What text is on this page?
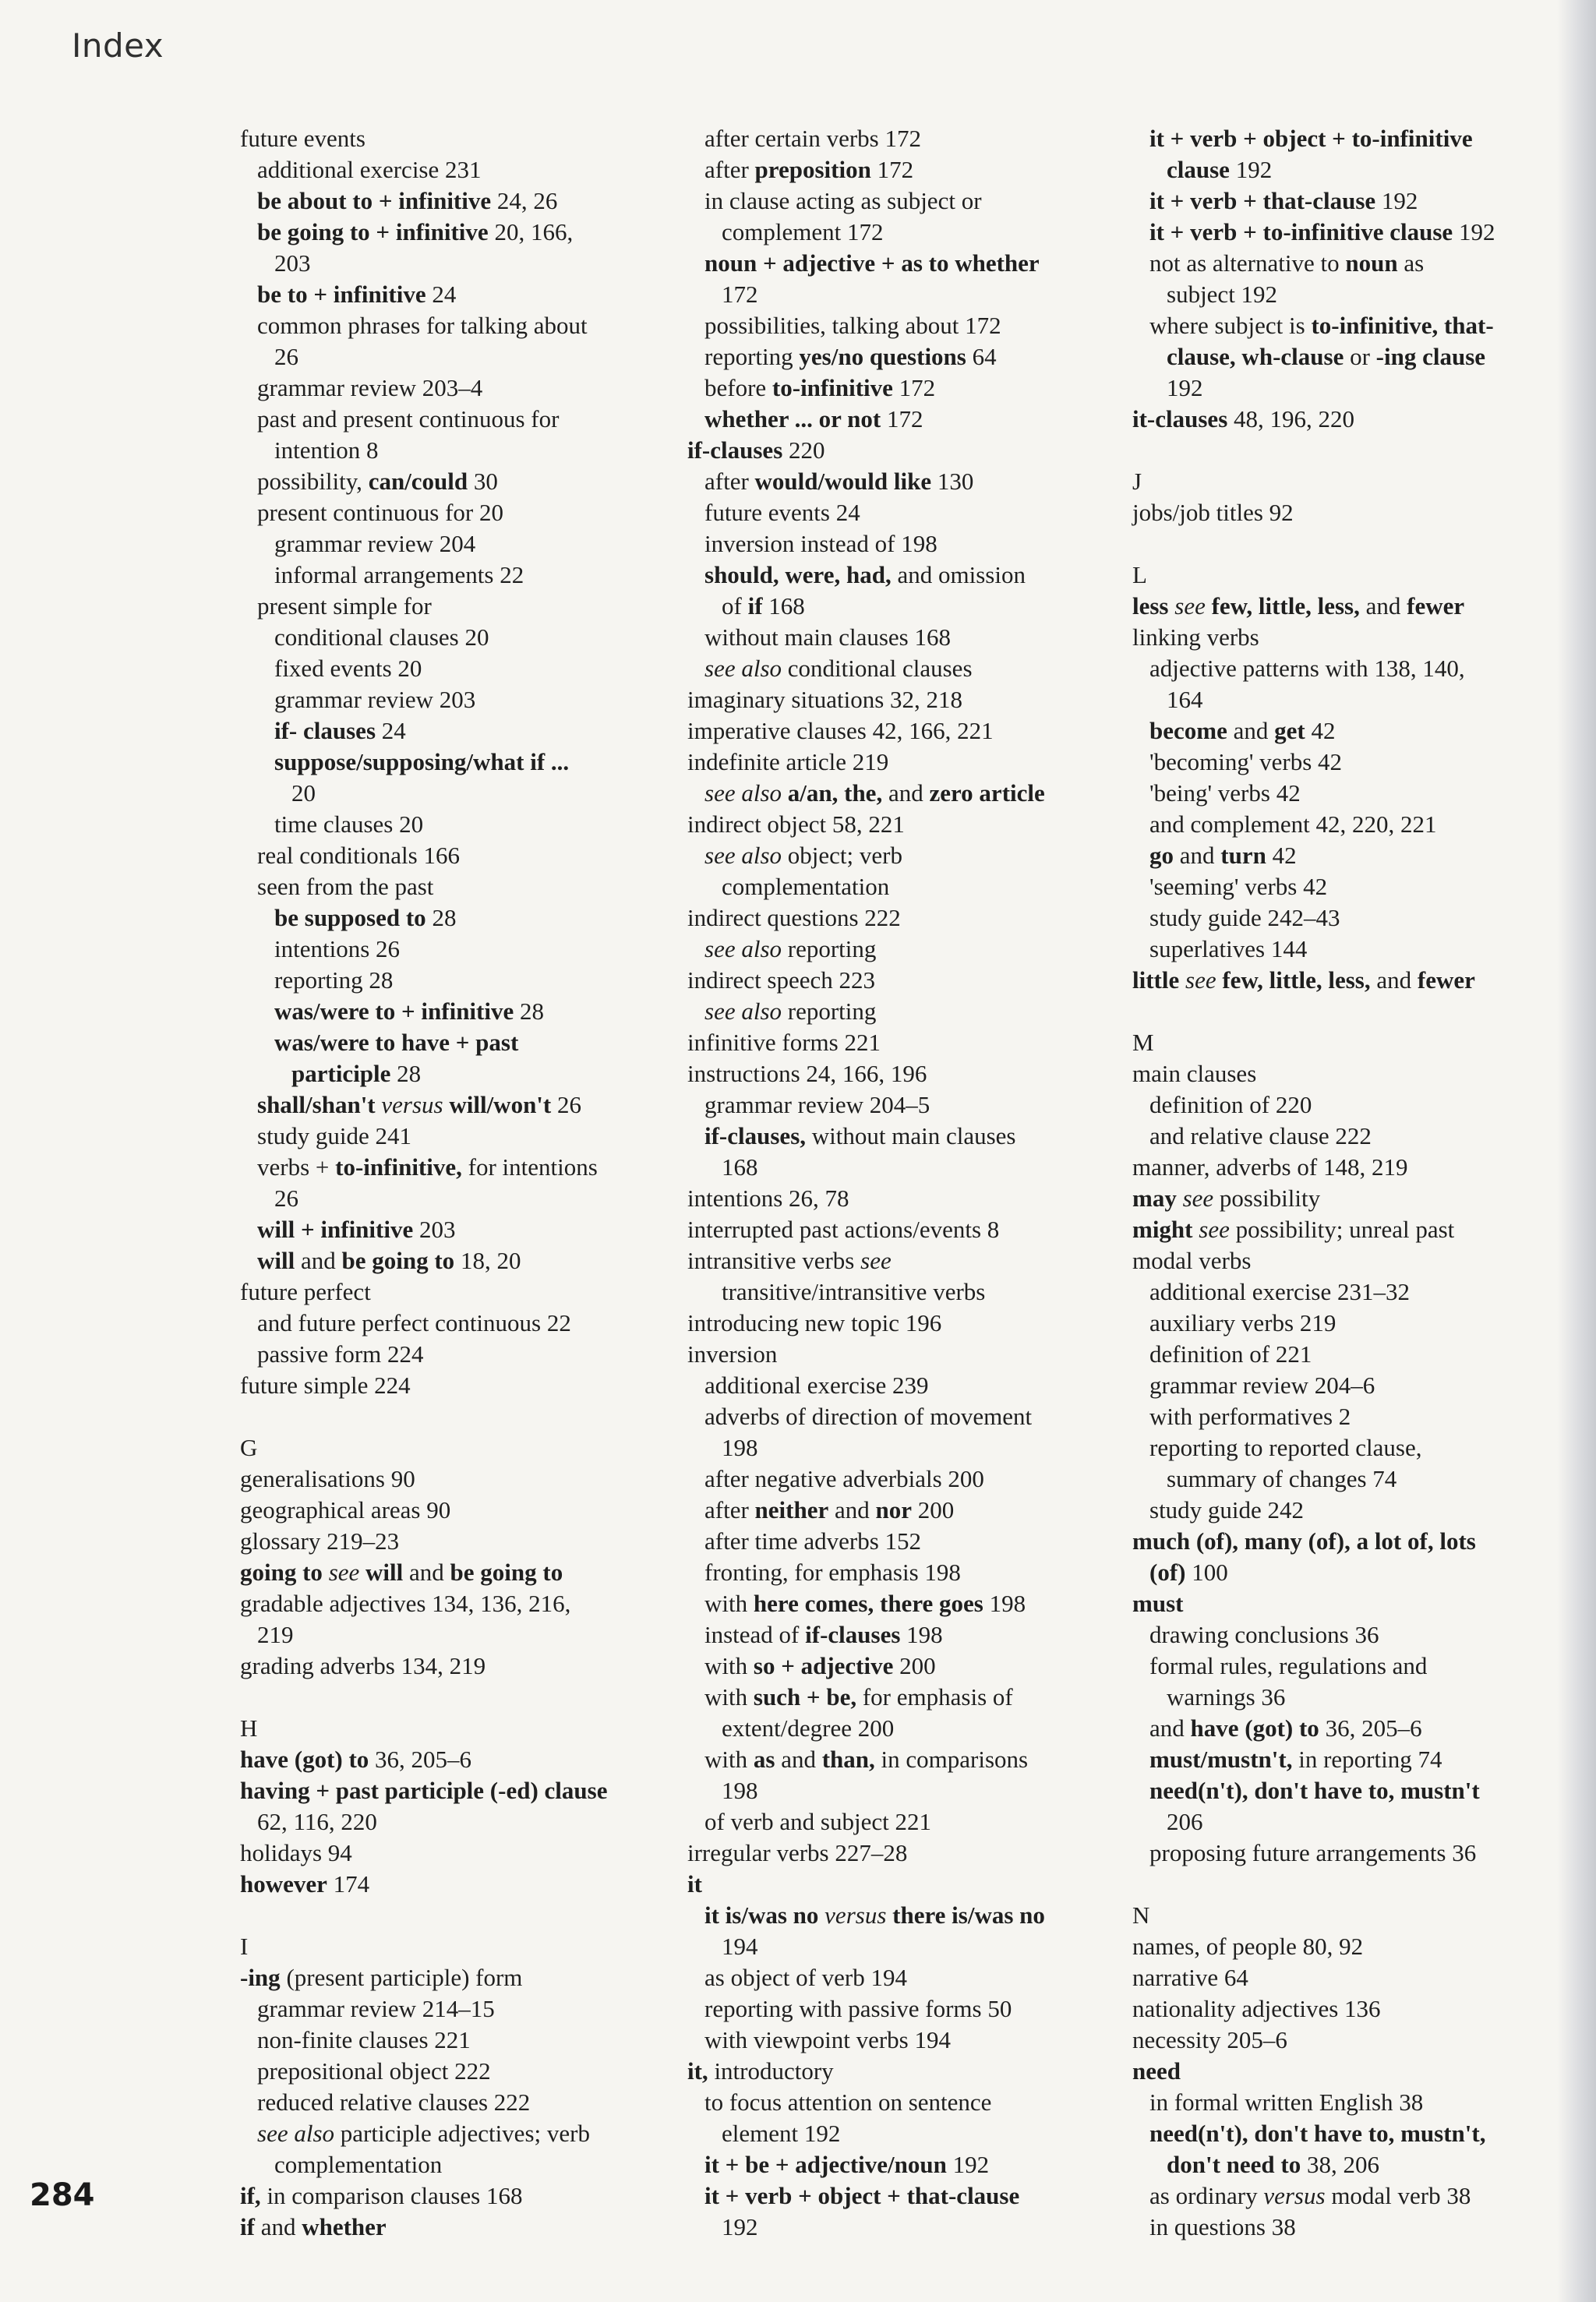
Index
future events
additional exercise 231
be about to + infinitive 24, 26
be going to + infinitive 20, 166,
203
be to + infinitive 24
common phrases for talking about
26
grammar review 203–4
past and present continuous for
intention 8
possibility, can/could 30
present continuous for 20
grammar review 204
informal arrangements 22
present simple for
conditional clauses 20
fixed events 20
grammar review 203
if- clauses 24
suppose/supposing/what if ...
20
time clauses 20
real conditionals 166
seen from the past
be supposed to 28
intentions 26
reporting 28
was/were to + infinitive 28
was/were to have + past
participle 28
shall/shan't versus will/won't 26
study guide 241
verbs + to-infinitive, for intentions
26
will + infinitive 203
will and be going to 18, 20
future perfect
and future perfect continuous 22
passive form 224
future simple 224
G
generalisations 90
geographical areas 90
glossary 219–23
going to see will and be going to
gradable adjectives 134, 136, 216,
219
grading adverbs 134, 219
H
have (got) to 36, 205–6
having + past participle (-ed) clause
62, 116, 220
holidays 94
however 174
I
-ing (present participle) form
grammar review 214–15
non-finite clauses 221
prepositional object 222
reduced relative clauses 222
see also participle adjectives; verb
complementation
if, in comparison clauses 168
if and whether
after certain verbs 172
after preposition 172
in clause acting as subject or
complement 172
noun + adjective + as to whether
172
possibilities, talking about 172
reporting yes/no questions 64
before to-infinitive 172
whether ... or not 172
if-clauses 220
after would/would like 130
future events 24
inversion instead of 198
should, were, had, and omission
of if 168
without main clauses 168
see also conditional clauses
imaginary situations 32, 218
imperative clauses 42, 166, 221
indefinite article 219
see also a/an, the, and zero article
indirect object 58, 221
see also object; verb
complementation
indirect questions 222
see also reporting
indirect speech 223
see also reporting
infinitive forms 221
instructions 24, 166, 196
grammar review 204–5
if-clauses, without main clauses
168
intentions 26, 78
interrupted past actions/events 8
intransitive verbs see
transitive/intransitive verbs
introducing new topic 196
inversion
additional exercise 239
adverbs of direction of movement
198
after negative adverbials 200
after neither and nor 200
after time adverbs 152
fronting, for emphasis 198
with here comes, there goes 198
instead of if-clauses 198
with so + adjective 200
with such + be, for emphasis of
extent/degree 200
with as and than, in comparisons
198
of verb and subject 221
irregular verbs 227–28
it
it is/was no versus there is/was no
194
as object of verb 194
reporting with passive forms 50
with viewpoint verbs 194
it, introductory
to focus attention on sentence
element 192
it + be + adjective/noun 192
it + verb + object + that-clause
192
it + verb + object + to-infinitive
clause 192
it + verb + that-clause 192
it + verb + to-infinitive clause 192
not as alternative to noun as
subject 192
where subject is to-infinitive, that-
clause, wh-clause or -ing clause
192
it-clauses 48, 196, 220
J
jobs/job titles 92
L
less see few, little, less, and fewer
linking verbs
adjective patterns with 138, 140,
164
become and get 42
'becoming' verbs 42
'being' verbs 42
and complement 42, 220, 221
go and turn 42
'seeming' verbs 42
study guide 242–43
superlatives 144
little see few, little, less, and fewer
M
main clauses
definition of 220
and relative clause 222
manner, adverbs of 148, 219
may see possibility
might see possibility; unreal past
modal verbs
additional exercise 231–32
auxiliary verbs 219
definition of 221
grammar review 204–6
with performatives 2
reporting to reported clause,
summary of changes 74
study guide 242
much (of), many (of), a lot of, lots
(of) 100
must
drawing conclusions 36
formal rules, regulations and
warnings 36
and have (got) to 36, 205–6
must/mustn't, in reporting 74
need(n't), don't have to, mustn't
206
proposing future arrangements 36
N
names, of people 80, 92
narrative 64
nationality adjectives 136
necessity 205–6
need
in formal written English 38
need(n't), don't have to, mustn't,
don't need to 38, 206
as ordinary versus modal verb 38
in questions 38
284
